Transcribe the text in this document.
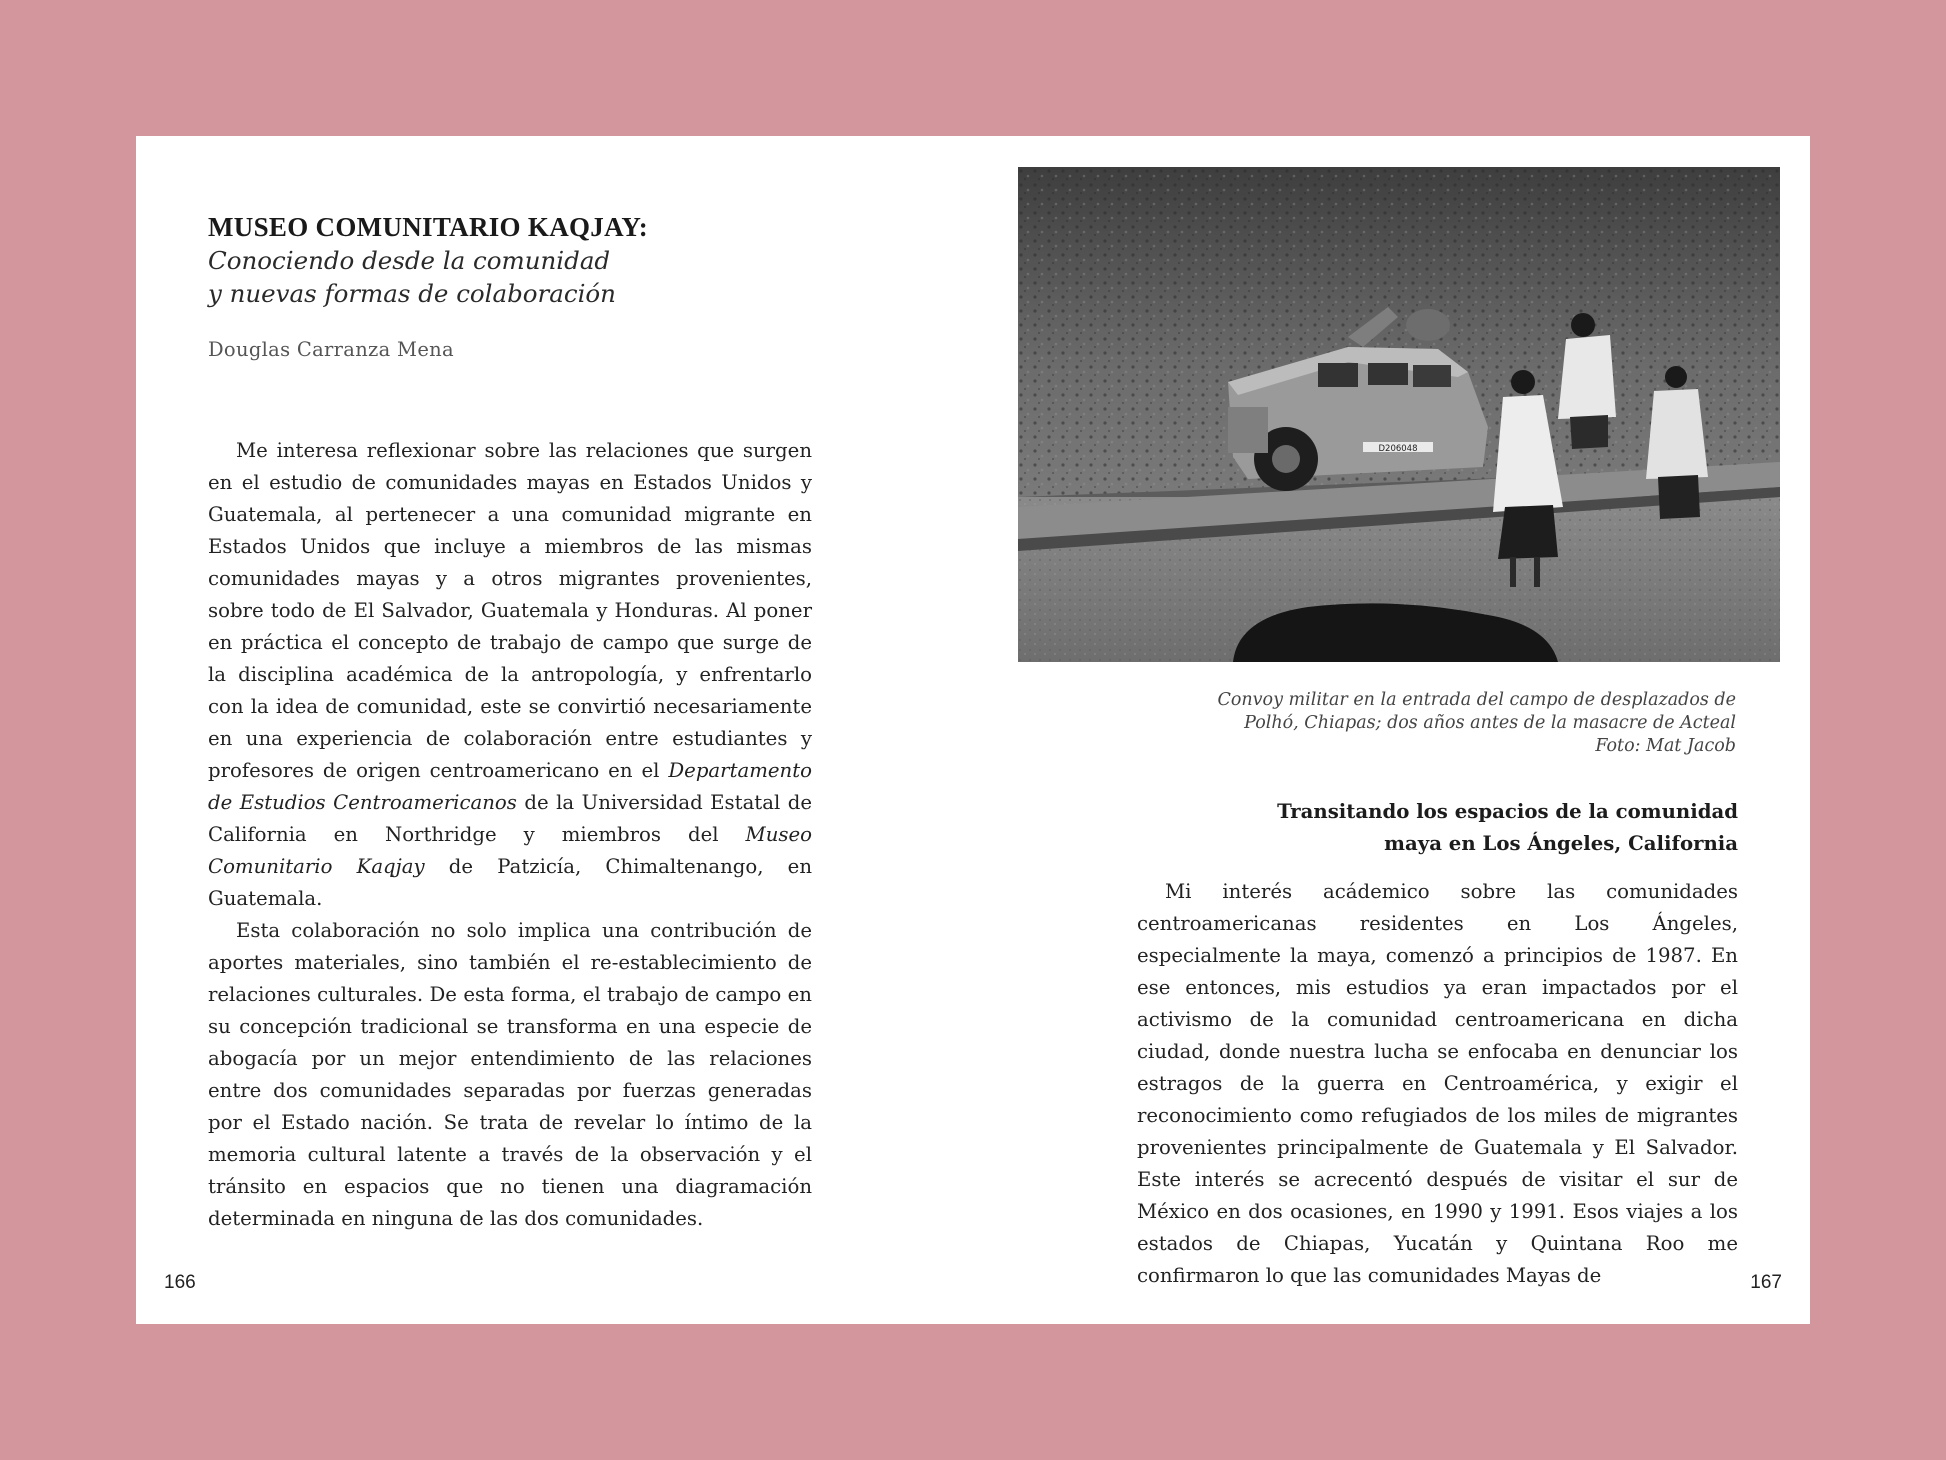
MUSEO COMUNITARIO KAQJAY:

Conociendo desde la comunidad

y nuevas formas de colaboración

Douglas Carranza Mena

Me interesa reflexionar sobre las relaciones que surgen en el estudio de comunidades mayas en Estados Unidos y Guatemala, al pertenecer a una comunidad migrante en Estados Unidos que incluye a miembros de las mismas comunidades mayas y a otros migrantes provenientes, sobre todo de El Salvador, Guatemala y Honduras. Al poner en práctica el concepto de trabajo de campo que surge de la disciplina académica de la antropología, y enfrentarlo con la idea de comunidad, este se convirtió necesariamente en una experiencia de colaboración entre estudiantes y profesores de origen centroamericano en el Departamento de Estudios Centroamericanos de la Universidad Estatal de California en Northridge y miembros del Museo Comunitario Kaqjay de Patzicía, Chimaltenango, en Guatemala.

Esta colaboración no solo implica una contribución de aportes materiales, sino también el re-establecimiento de relaciones culturales. De esta forma, el trabajo de campo en su concepción tradicional se transforma en una especie de abogacía por un mejor entendimiento de las relaciones entre dos comunidades separadas por fuerzas generadas por el Estado nación. Se trata de revelar lo íntimo de la memoria cultural latente a través de la observación y el tránsito en espacios que no tienen una diagramación determinada en ninguna de las dos comunidades.

166
D206048
Convoy militar en la entrada del campo de desplazados de
Polhó, Chiapas; dos años antes de la masacre de Acteal
Foto: Mat Jacob
Transitando los espacios de la comunidad
maya en Los Ángeles, California

Mi interés acádemico sobre las comunidades centroamericanas residentes en Los Ángeles, especialmente la maya, comenzó a principios de 1987. En ese entonces, mis estudios ya eran impactados por el activismo de la comunidad centroamericana en dicha ciudad, donde nuestra lucha se enfocaba en denunciar los estragos de la guerra en Centroamérica, y exigir el reconocimiento como refugiados de los miles de migrantes provenientes principalmente de Guatemala y El Salvador. Este interés se acrecentó después de visitar el sur de México en dos ocasiones, en 1990 y 1991. Esos viajes a los estados de Chiapas, Yucatán y Quintana Roo me confirmaron lo que las comunidades Mayas de	167
